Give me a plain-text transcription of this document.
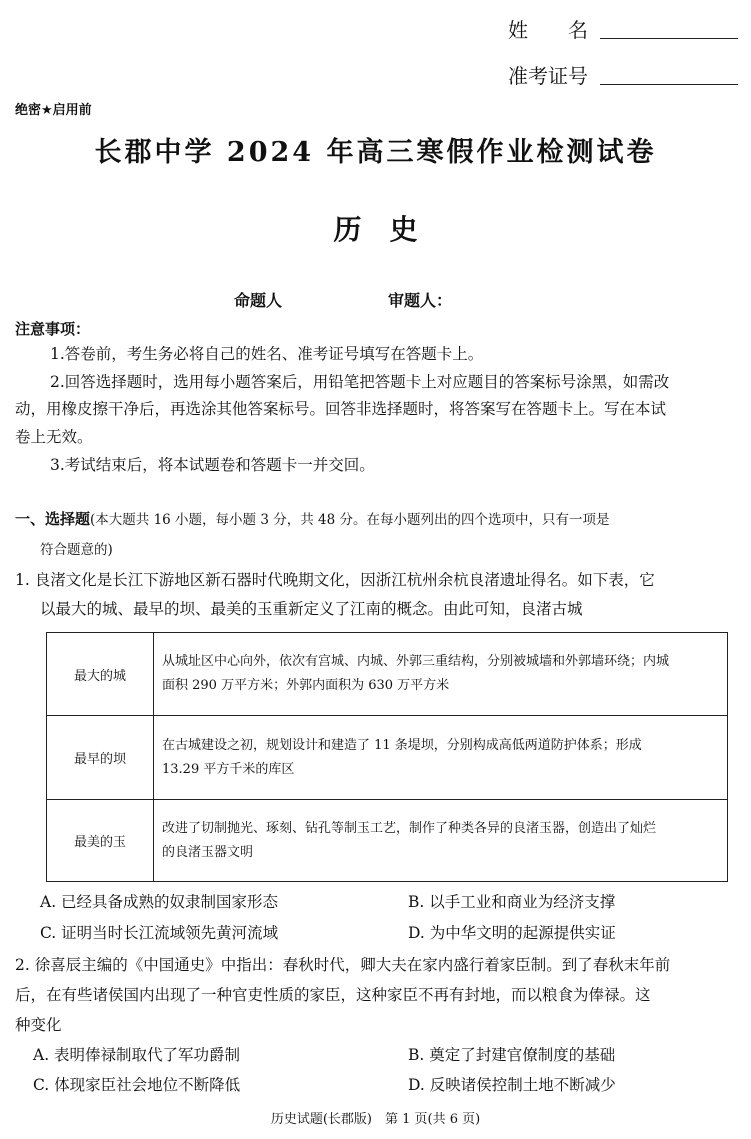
姓　　名
准考证号
绝密★启用前
长郡中学 2024 年高三寒假作业检测试卷
历史
命题人	审题人：
注意事项：
1.答卷前，考生务必将自己的姓名、准考证号填写在答题卡上。
2.回答选择题时，选用每小题答案后，用铅笔把答题卡上对应题目的答案标号涂黑，如需改
动，用橡皮擦干净后，再选涂其他答案标号。回答非选择题时，将答案写在答题卡上。写在本试
卷上无效。
3.考试结束后，将本试题卷和答题卡一并交回。
一、选择题(本大题共 16 小题，每小题 3 分，共 48 分。在每小题列出的四个选项中，只有一项是
符合题意的)
1. 良渚文化是长江下游地区新石器时代晚期文化，因浙江杭州余杭良渚遗址得名。如下表，它
以最大的城、最早的坝、最美的玉重新定义了江南的概念。由此可知，良渚古城
最大的城	从城址区中心向外，依次有宫城、内城、外郭三重结构，分别被城墙和外郭墙环绕；内城
面积 290 万平方米；外郭内面积为 630 万平方米

最早的坝	在古城建设之初，规划设计和建造了 11 条堤坝，分别构成高低两道防护体系；形成
13.29 平方千米的库区

最美的玉	改进了切制抛光、琢刻、钻孔等制玉工艺，制作了种类各异的良渚玉器，创造出了灿烂
的良渚玉器文明
A. 已经具备成熟的奴隶制国家形态	B. 以手工业和商业为经济支撑
C. 证明当时长江流域领先黄河流域	D. 为中华文明的起源提供实证
2. 徐喜辰主编的《中国通史》中指出：春秋时代，卿大夫在家内盛行着家臣制。到了春秋末年前
后，在有些诸侯国内出现了一种官吏性质的家臣，这种家臣不再有封地，而以粮食为俸禄。这
种变化
A. 表明俸禄制取代了军功爵制	B. 奠定了封建官僚制度的基础
C. 体现家臣社会地位不断降低	D. 反映诸侯控制土地不断减少
历史试题(长郡版)　第 1 页(共 6 页)
